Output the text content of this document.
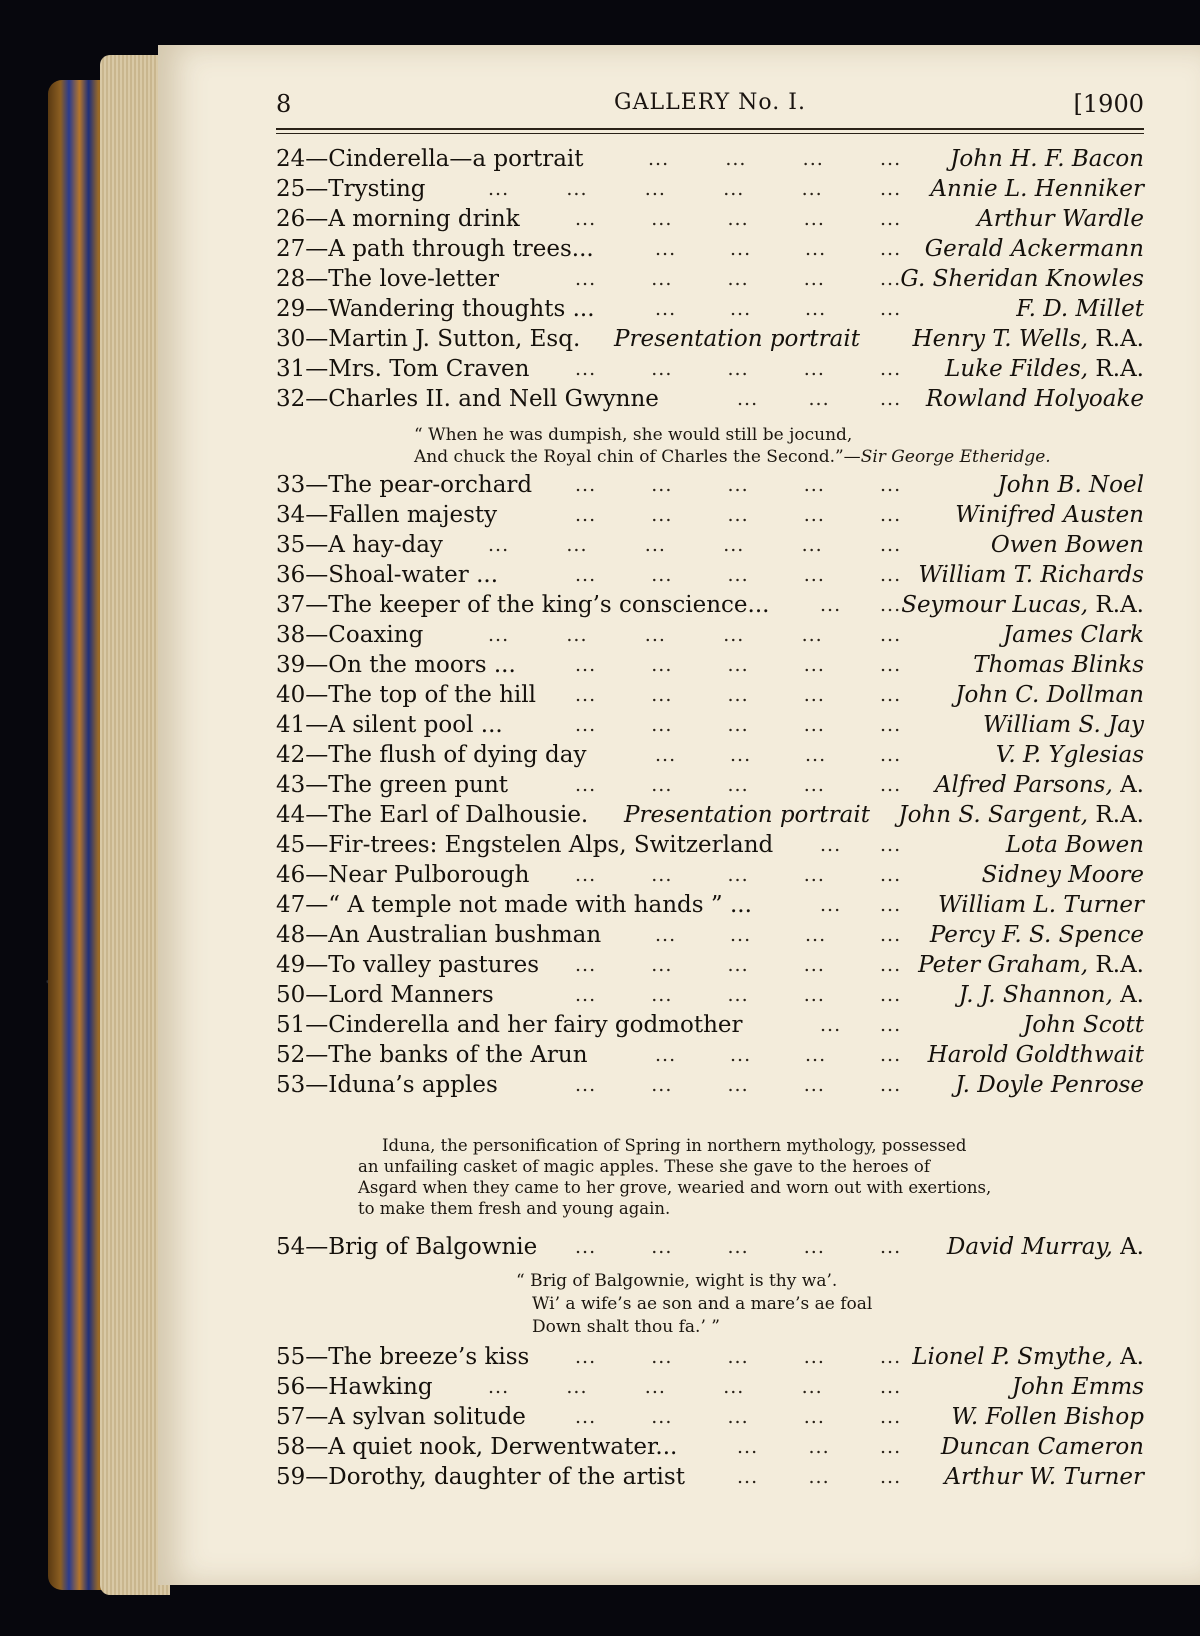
8	GALLERY No. I.	[1900
24—Cinderella—a portrait	...	...	...	... John H. F. Bacon
25—Trysting	...	...	...	...	...	... Annie L. Henniker
26—A morning drink	...	...	...	...	...	Arthur Wardle
27—A path through trees...	...	...	...	... Gerald Ackermann
28—The love-letter	...	...	...	...	... G. Sheridan Knowles
29—Wandering thoughts ...	...	...	...	...	F. D. Millet
30—Martin J. Sutton, Esq. Presentation portrait Henry T. Wells, R.A.
31—Mrs. Tom Craven ...	...	...	...	... Luke Fildes, R.A.
32—Charles II. and Nell Gwynne	...	...	... Rowland Holyoake
33—The pear-orchard ...	...	...	...	...	John B. Noel
34—Fallen majesty	...	...	...	...	... Winifred Austen
35—A hay-day ...	...	...	...	...	...	Owen Bowen
36—Shoal-water ...	...	...	...	...	... William T. Richards
37—The keeper of the king’s conscience...	... ... Seymour Lucas, R.A.
38—Coaxing	...	...	...	...	...	...	James Clark
39—On the moors ...	...	...	...	...	...	Thomas Blinks
40—The top of the hill ...	...	...	...	... John C. Dollman
41—A silent pool ...	...	...	...	...	...	William S. Jay
42—The flush of dying day	...	...	...	...	V. P. Yglesias
43—The green punt	...	...	...	...	... Alfred Parsons, A.
44—The Earl of Dalhousie. Presentation portrait John S. Sargent, R.A.
45—Fir-trees: Engstelen Alps, Switzerland ... ...	Lota Bowen
46—Near Pulborough ...	...	...	...	...	Sidney Moore
47—“ A temple not made with hands ” ...	... ... William L. Turner
48—An Australian bushman	...	...	...	... Percy F. S. Spence
49—To valley pastures ...	...	...	...	... Peter Graham, R.A.
50—Lord Manners	...	...	...	...	...	J. J. Shannon, A.
51—Cinderella and her fairy godmother	... ...	John Scott
52—The banks of the Arun	...	...	...	... Harold Goldthwait
53—Iduna’s apples	...	...	...	...	... J. Doyle Penrose
54—Brig of Balgownie ...	...	...	...	... David Murray, A.
55—The breeze’s kiss ...	...	...	...	... Lionel P. Smythe, A.
56—Hawking	...	...	...	...	...	...	John Emms
57—A sylvan solitude	...	...	...	...	... W. Follen Bishop
58—A quiet nook, Derwentwater...	...	...	... Duncan Cameron
59—Dorothy, daughter of the artist	...	...	... Arthur W. Turner
“ When he was dumpish, she would still be jocund,
And chuck the Royal chin of Charles the Second.”—Sir George Etheridge.
Iduna, the personification of Spring in northern mythology, possessed
an unfailing casket of magic apples. These she gave to the heroes of
Asgard when they came to her grove, wearied and worn out with exertions,
to make them fresh and young again.
“ Brig of Balgownie, wight is thy wa’.
Wi’ a wife’s ae son and a mare’s ae foal
Down shalt thou fa.’ ”
